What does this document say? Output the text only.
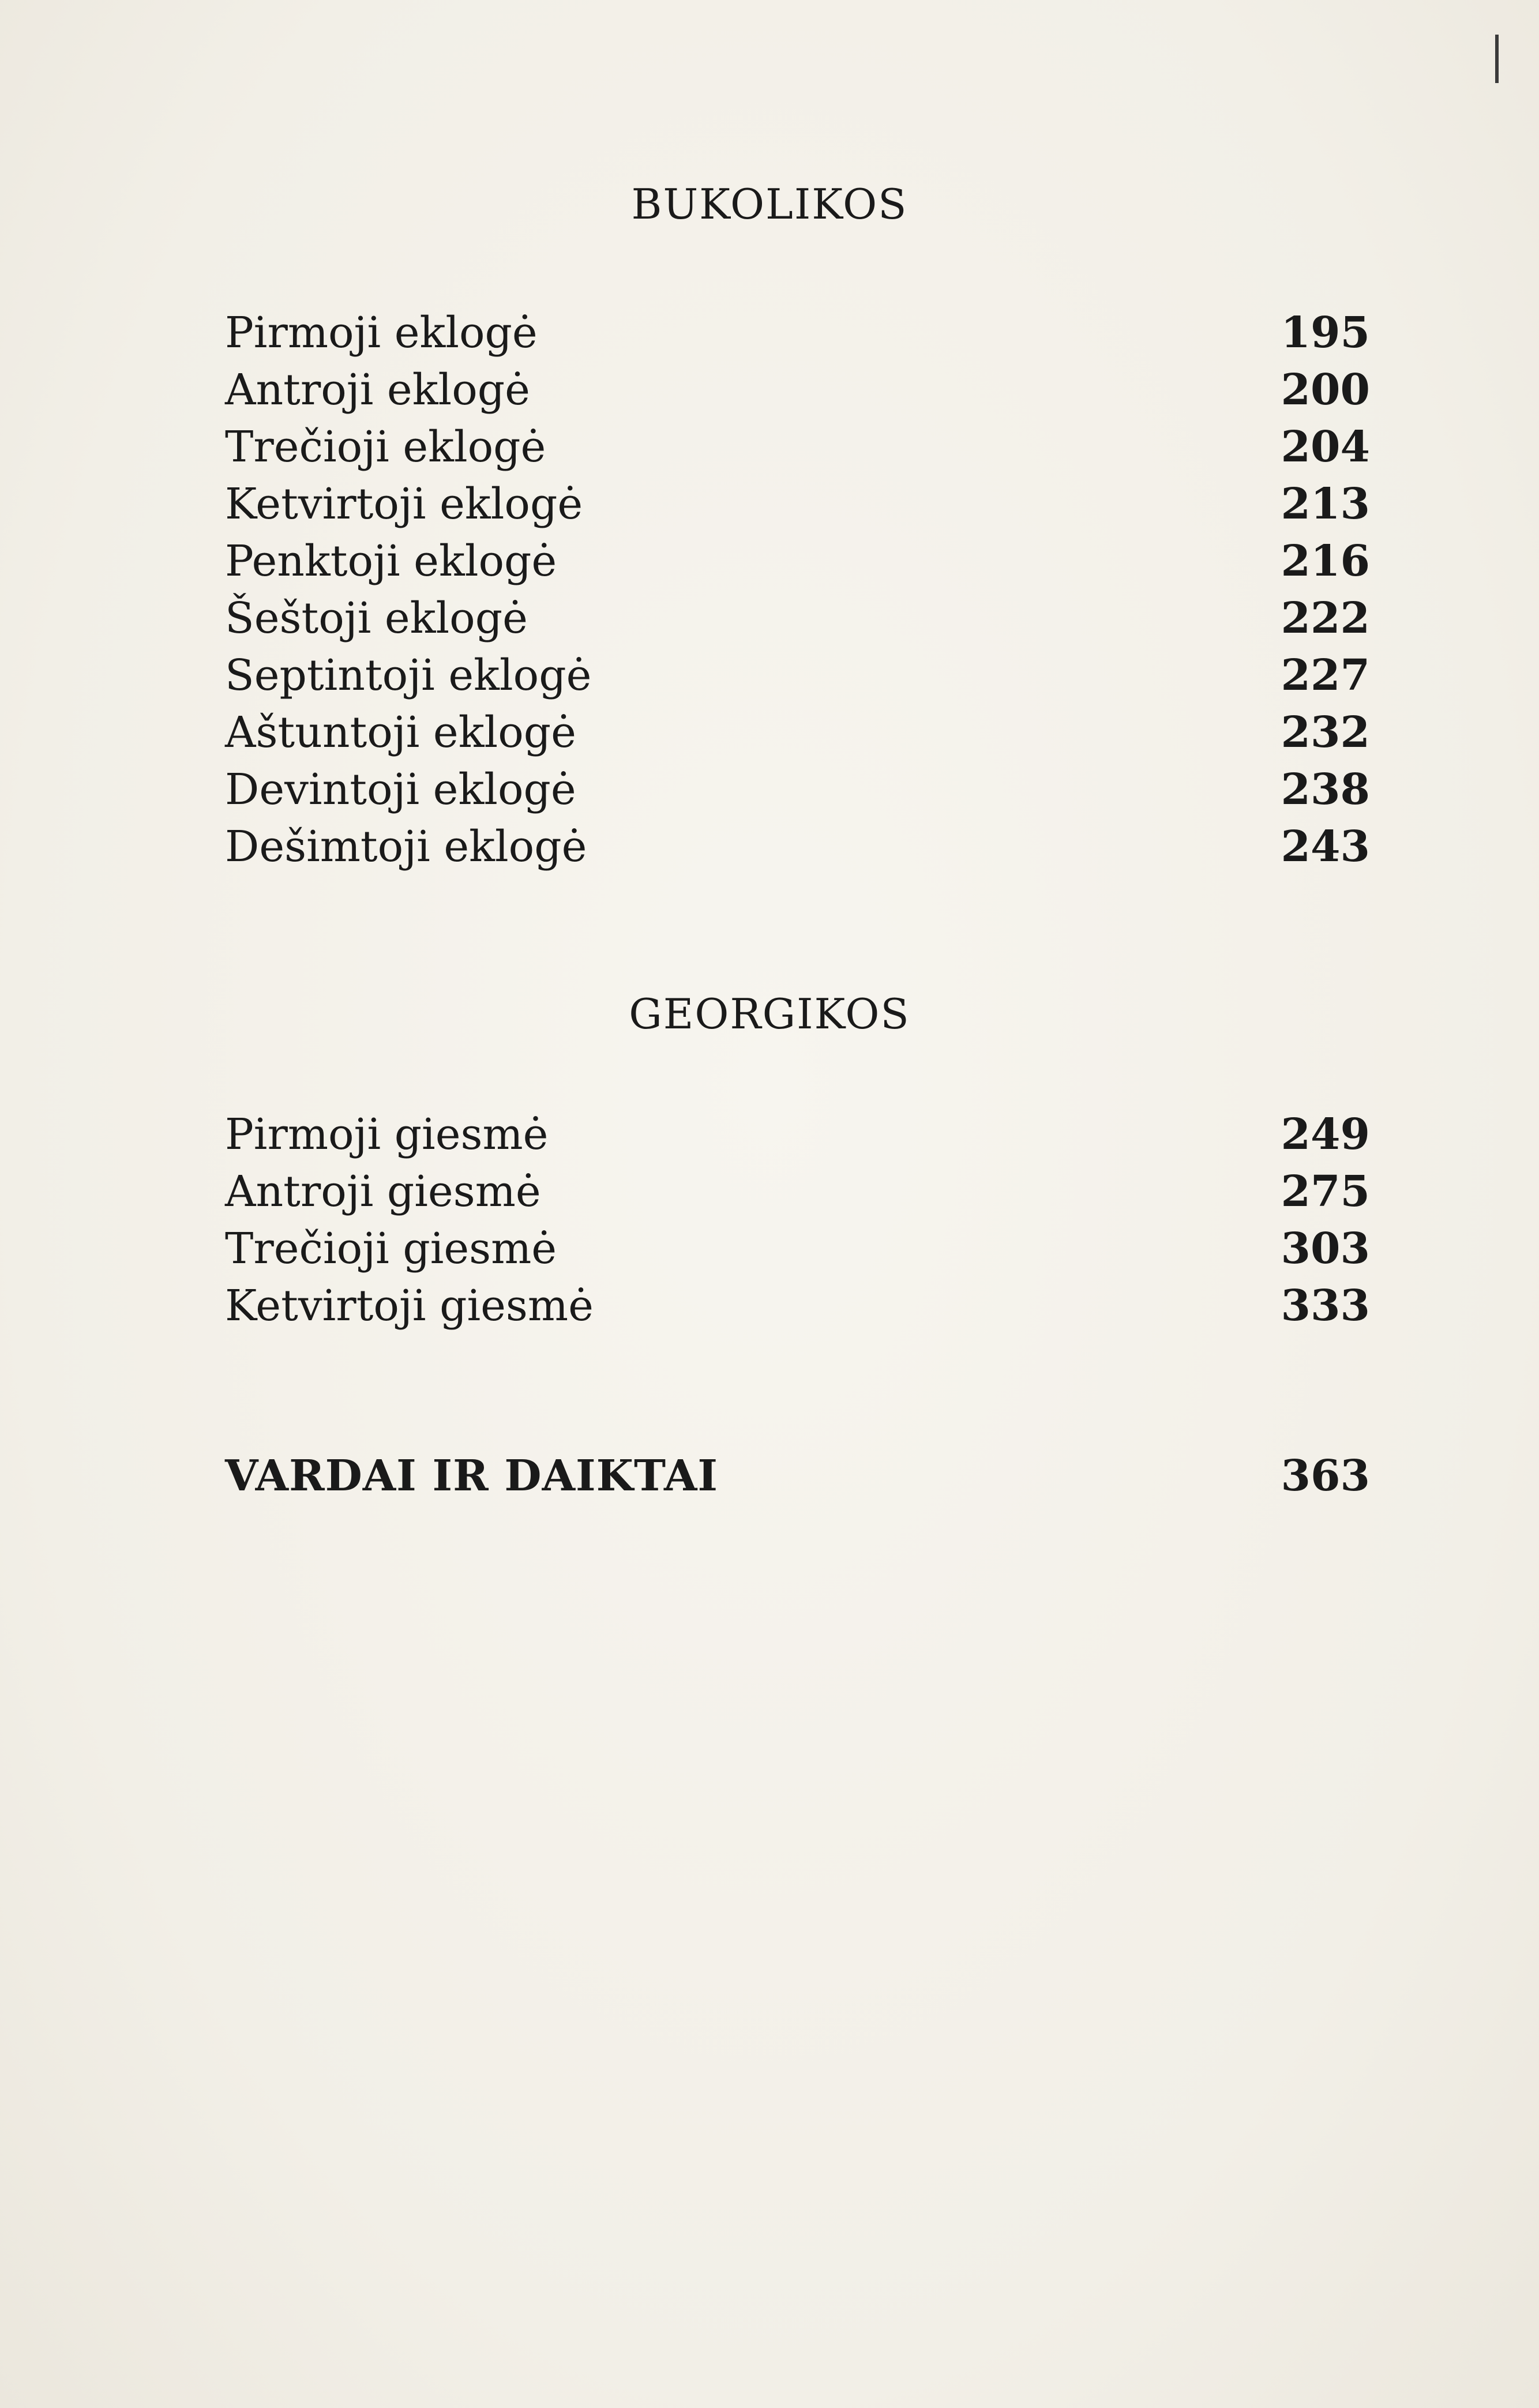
BUKOLIKOS
Pirmoji eklogė	195
Antroji eklogė	200
Trečioji eklogė	204
Ketvirtoji eklogė	213
Penktoji eklogė	216
Šeštoji eklogė	222
Septintoji eklogė	227
Aštuntoji eklogė	232
Devintoji eklogė	238
Dešimtoji eklogė	243
GEORGIKOS
Pirmoji giesmė	249
Antroji giesmė	275
Trečioji giesmė	303
Ketvirtoji giesmė	333
VARDAI IR DAIKTAI	363
